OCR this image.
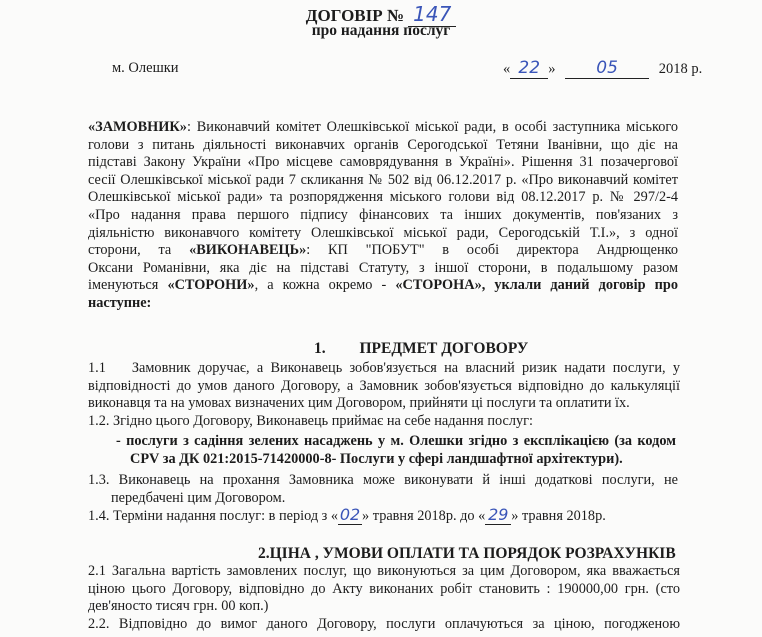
ДОГОВІР № 147
про надання послуг
м. Олешки	« 22 » 05	2018 р.
«ЗАМОВНИК»: Виконавчий комітет Олешківської міської ради, в особі заступника міського
голови з питань діяльності виконавчих органів Серогодської Тетяни Іванівни, що діє на
підставі Закону України «Про місцеве самоврядування в Україні». Рішення 31 позачергової
сесії Олешківської міської ради 7 скликання № 502 від 06.12.2017 р. «Про виконавчий комітет
Олешківської міської ради» та розпорядження міського голови від 08.12.2017 р. № 297/2-4
«Про надання права першого підпису фінансових та інших документів, пов'язаних з
діяльністю виконавчого комітету Олешківської міської ради, Серогодській Т.І.», з одної
сторони, та «ВИКОНАВЕЦЬ»: КП "ПОБУТ" в особі директора Андрющенко
Оксани Романівни, яка діє на підставі Статуту, з іншої сторони, в подальшому разом
іменуються «СТОРОНИ», а кожна окремо - «СТОРОНА», уклали даний договір про
наступне:
1. ПРЕДМЕТ ДОГОВОРУ
1.1 Замовник доручає, а Виконавець зобов'язується на власний ризик надати послуги, у
відповідності до умов даного Договору, а Замовник зобов'язується відповідно до калькуляції
виконавця та на умовах визначених цим Договором, прийняти ці послуги та оплатити їх.
1.2. Згідно цього Договору, Виконавець приймає на себе надання послуг:
- послуги з садіння зелених насаджень у м. Олешки згідно з експлікацією (за кодом
CPV за ДК 021:2015-71420000-8- Послуги у сфері ландшафтної архітектури).
1.3. Виконавець на прохання Замовника може виконувати й інші додаткові послуги, не
передбачені цим Договором.
1.4. Терміни надання послуг: в період з « 02 » травня 2018р. до « 29 » травня 2018р.
2.ЦІНА , УМОВИ ОПЛАТИ ТА ПОРЯДОК РОЗРАХУНКІВ
2.1 Загальна вартість замовлених послуг, що виконуються за цим Договором, яка вважається
ціною цього Договору, відповідно до Акту виконаних робіт становить : 190000,00 грн. (сто
дев'яносто тисяч грн. 00 коп.)
2.2. Відповідно до вимог даного Договору, послуги оплачуються за ціною, погодженою
